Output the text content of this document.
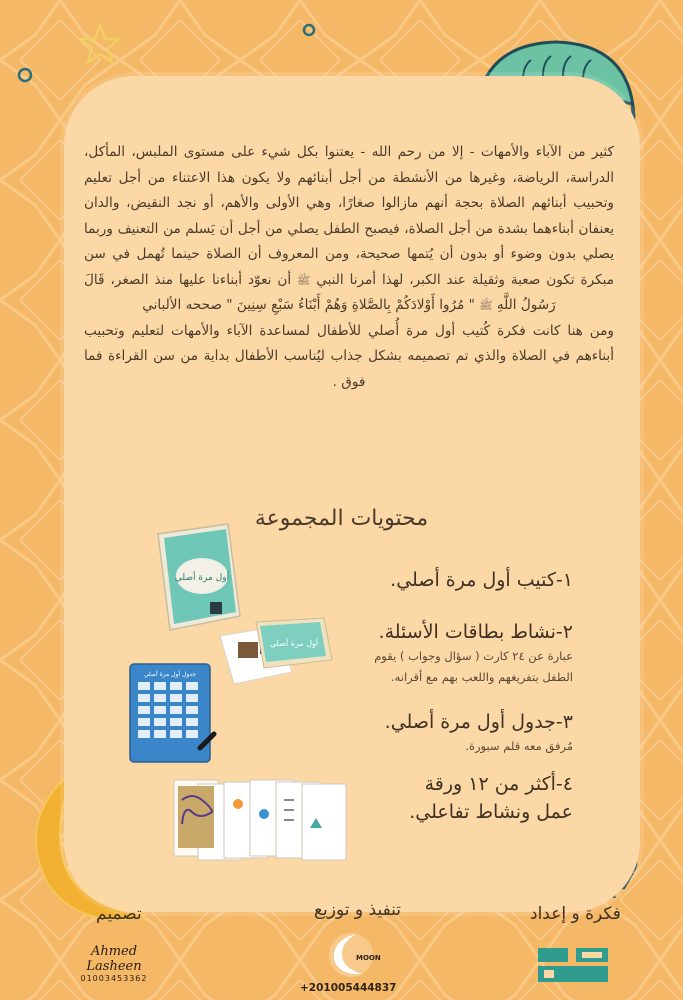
كثير من الآباء والأمهات - إلا من رحم الله - يعتنوا بكل شيء على مستوى الملبس، المأكل، الدراسة، الرياضة، وغيرها من الأنشطة من أجل أبنائهم ولا يكون هذا الاعتناء من أجل تعليم وتحبيب أبنائهم الصلاة بحجة أنهم مازالوا صغارًا، وهي الأولى والأهم، أو نجد النقيض، والدان يعنفان أبناءهما بشدة من أجل الصلاة، فيصبح الطفل يصلي من أجل أن يَسلم من التعنيف وربما يصلي بدون وضوء أو بدون أن يُتمها صحيحة، ومن المعروف أن الصلاة حينما تُهمل في سن مبكرة تكون صعبة وثقيلة عند الكبر، لهذا أمرنا النبي ﷺ أن نعوّد أبناءنا عليها منذ الصغر، قَالَ رَسُولُ اللَّهِ ﷺ " مُرُوا أَوْلادَكُمْ بِالصَّلاةِ وَهُمْ أَبْنَاءُ سَبْعِ سِنِينَ " صححه الألباني

ومن هنا كانت فكرة كُتيب أول مرة أُصلي للأطفال لمساعدة الآباء والأمهات لتعليم وتحبيب أبناءهم في الصلاة والذي تم تصميمه بشكل جذاب ليُناسب الأطفال بداية من سن القراءة فما فوق .

محتويات المجموعة
١-كتيب أول مرة أصلي.
٢-نشاط بطاقات الأسئلة.
عبارة عن ٢٤ كارت ( سؤال وجواب ) يقوم الطفل بتفريغهم واللعب بهم مع أقرانه.
٣-جدول أول مرة أصلي.
مُرفق معه قلم سبورة.
٤-أكثر من ١٢ ورقة عمل ونشاط تفاعلي.
أول مرة أصلي
أول مرة أصلي
جدول أول مرة أصلي
فكرة و إعداد
تنفيذ و توزيع
تصميم
MOON
+201005444837
Ahmed Lasheen
01003453362
